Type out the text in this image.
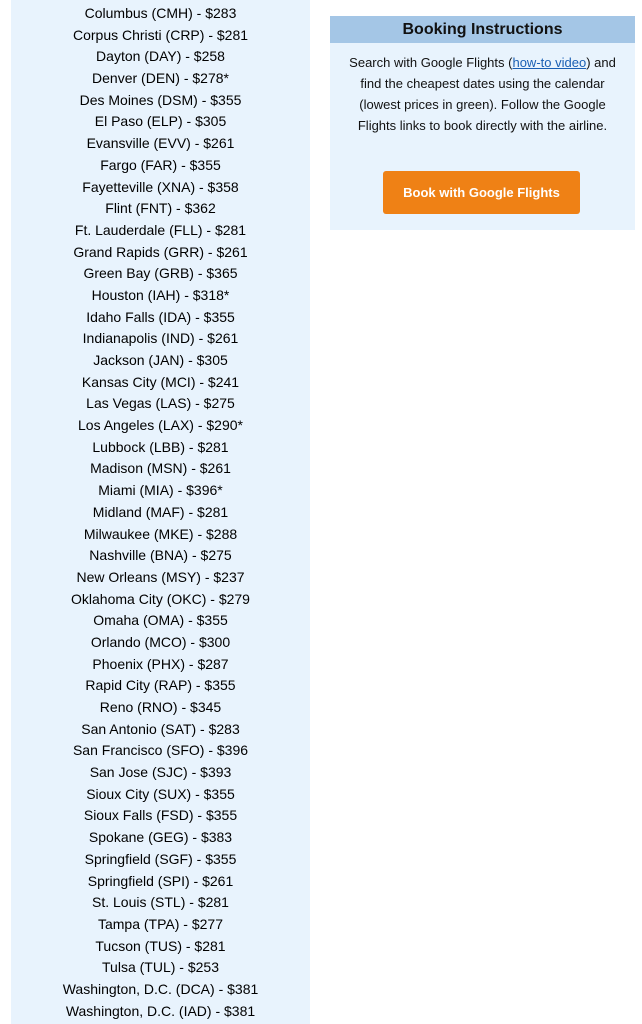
Columbus (CMH) - $283
Corpus Christi (CRP) - $281
Dayton (DAY) - $258
Denver (DEN) - $278*
Des Moines (DSM) - $355
El Paso (ELP) - $305
Evansville (EVV) - $261
Fargo (FAR) - $355
Fayetteville (XNA) - $358
Flint (FNT) - $362
Ft. Lauderdale (FLL) - $281
Grand Rapids (GRR) - $261
Green Bay (GRB) - $365
Houston (IAH) - $318*
Idaho Falls (IDA) - $355
Indianapolis (IND) - $261
Jackson (JAN) - $305
Kansas City (MCI) - $241
Las Vegas (LAS) - $275
Los Angeles (LAX) - $290*
Lubbock (LBB) - $281
Madison (MSN) - $261
Miami (MIA) - $396*
Midland (MAF) - $281
Milwaukee (MKE) - $288
Nashville (BNA) - $275
New Orleans (MSY) - $237
Oklahoma City (OKC) - $279
Omaha (OMA) - $355
Orlando (MCO) - $300
Phoenix (PHX) - $287
Rapid City (RAP) - $355
Reno (RNO) - $345
San Antonio (SAT) - $283
San Francisco (SFO) - $396
San Jose (SJC) - $393
Sioux City (SUX) - $355
Sioux Falls (FSD) - $355
Spokane (GEG) - $383
Springfield (SGF) - $355
Springfield (SPI) - $261
St. Louis (STL) - $281
Tampa (TPA) - $277
Tucson (TUS) - $281
Tulsa (TUL) - $253
Washington, D.C. (DCA) - $381
Washington, D.C. (IAD) - $381
Booking Instructions
Search with Google Flights (how-to video) and find the cheapest dates using the calendar (lowest prices in green). Follow the Google Flights links to book directly with the airline.
Book with Google Flights
